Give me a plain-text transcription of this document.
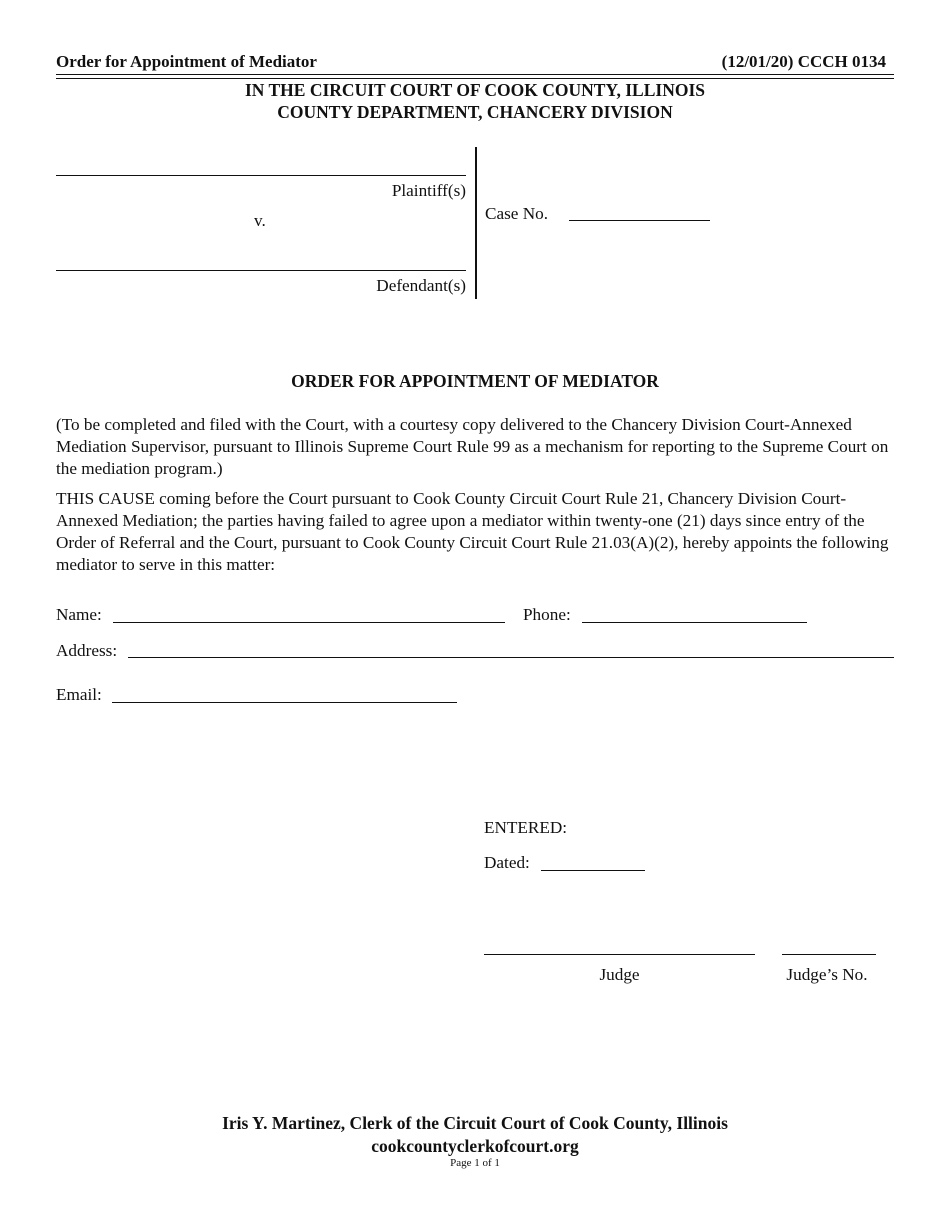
Order for Appointment of Mediator	(12/01/20) CCCH 0134
IN THE CIRCUIT COURT OF COOK COUNTY, ILLINOIS
COUNTY DEPARTMENT, CHANCERY DIVISION
Plaintiff(s)
v.
Defendant(s)
Case No.
ORDER FOR APPOINTMENT OF MEDIATOR
(To be completed and filed with the Court, with a courtesy copy delivered to the Chancery Division Court-Annexed Mediation Supervisor, pursuant to Illinois Supreme Court Rule 99 as a mechanism for reporting to the Supreme Court on the mediation program.)
THIS CAUSE coming before the Court pursuant to Cook County Circuit Court Rule 21, Chancery Division Court-Annexed Mediation; the parties having failed to agree upon a mediator within twenty-one (21) days since entry of the Order of Referral and the Court, pursuant to Cook County Circuit Court Rule 21.03(A)(2), hereby appoints the following mediator to serve in this matter:
Name:	Phone:
Address:
Email:
ENTERED:
Dated:
Judge	Judge’s No.
Iris Y. Martinez, Clerk of the Circuit Court of Cook County, Illinois
cookcountyclerkofcourt.org
Page 1 of 1
